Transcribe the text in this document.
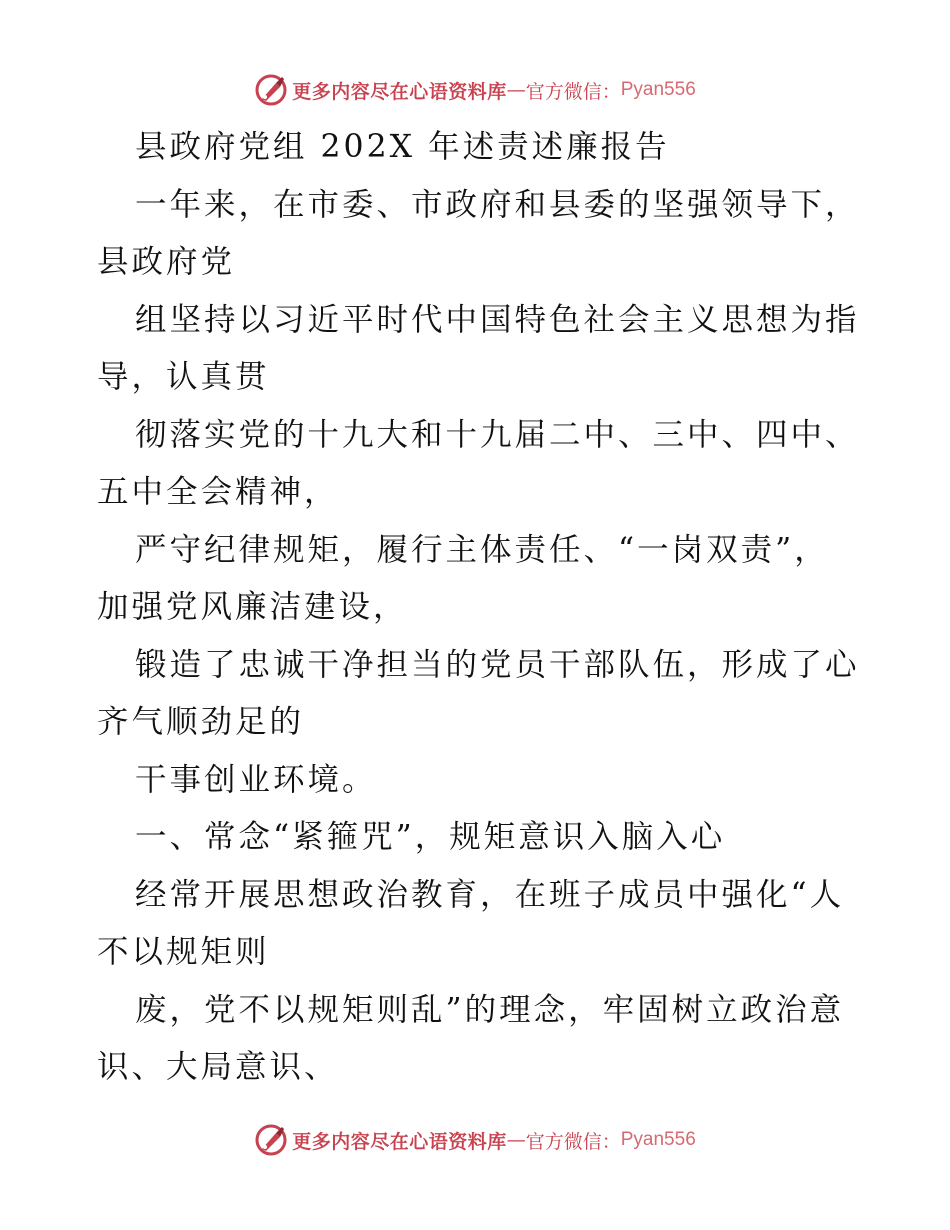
更多内容尽在心语资料库 — 官方微信： Pyan556
县政府党组 202X 年述责述廉报告
一年来，在市委、市政府和县委的坚强领导下，
县政府党
组坚持以习近平时代中国特色社会主义思想为指
导，认真贯
彻落实党的十九大和十九届二中、三中、四中、
五中全会精神，
严守纪律规矩，履行主体责任、“一岗双责”，
加强党风廉洁建设，
锻造了忠诚干净担当的党员干部队伍，形成了心
齐气顺劲足的
干事创业环境。
一、常念“紧箍咒”，规矩意识入脑入心
经常开展思想政治教育，在班子成员中强化“人
不以规矩则
废，党不以规矩则乱”的理念，牢固树立政治意
识、大局意识、
更多内容尽在心语资料库 — 官方微信： Pyan556
